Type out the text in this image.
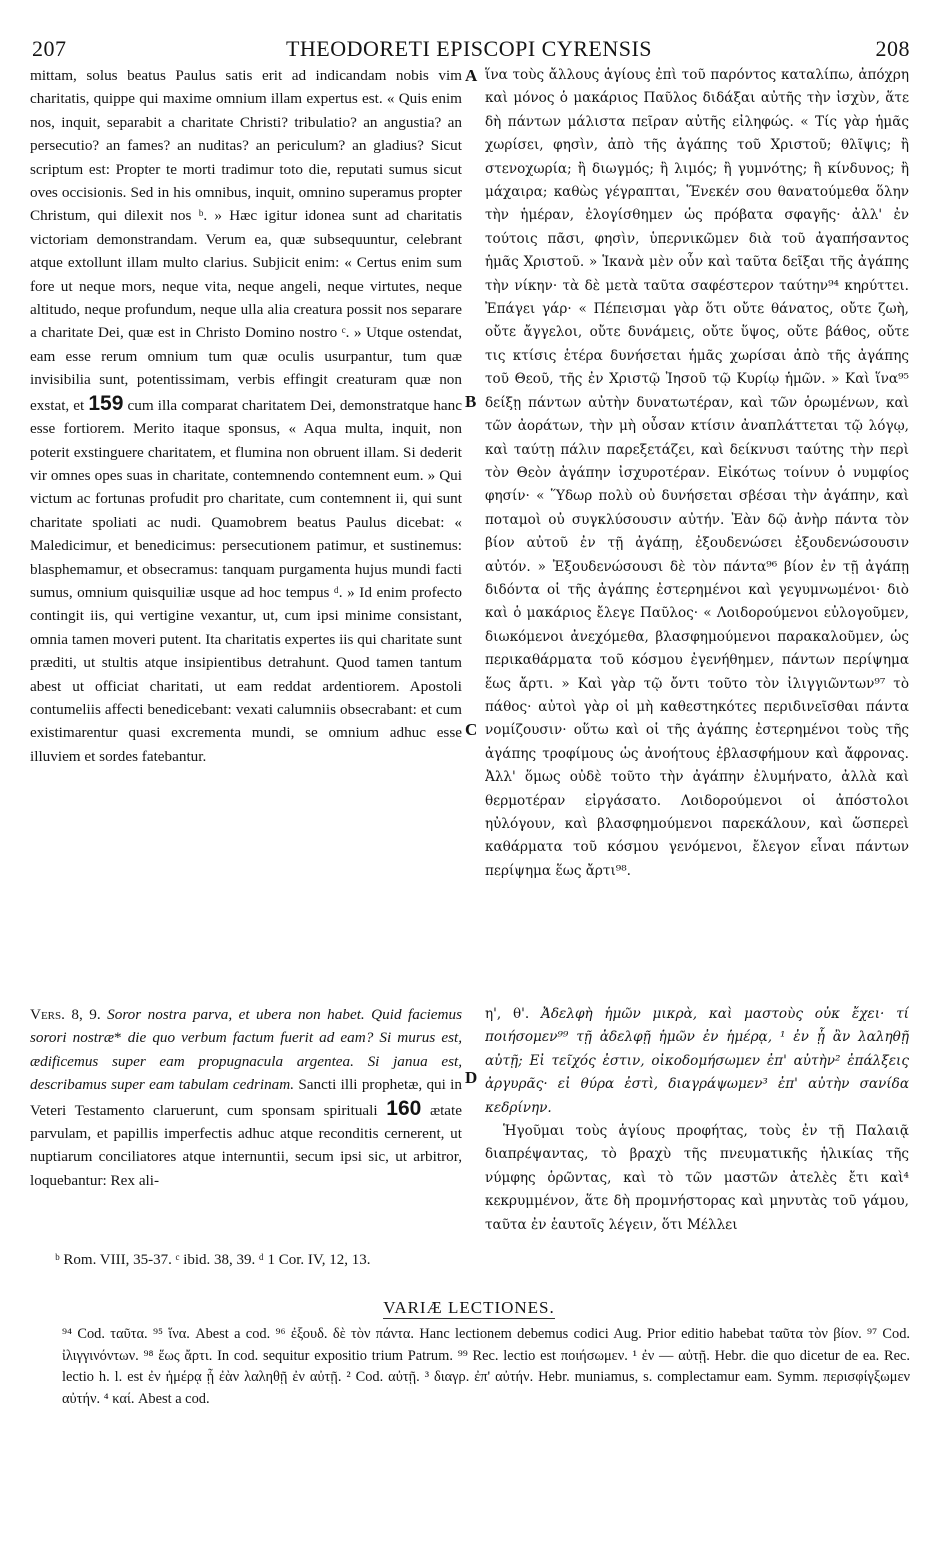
207	THEODORETI EPISCOPI CYRENSIS	208
A
B
C
D

mittam, solus beatus Paulus satis erit ad indicandam nobis vim charitatis, quippe qui maxime omnium illam expertus est. « Quis enim nos, inquit, separabit a charitate Christi? tribulatio? an angustia? an persecutio? an fames? an nuditas? an periculum? an gladius? Sicut scriptum est: Propter te morti tradimur toto die, reputati sumus sicut oves occisionis. Sed in his omnibus, inquit, omnino superamus propter Christum, qui dilexit nos ᵇ. » Hæc igitur idonea sunt ad charitatis victoriam demonstrandam. Verum ea, quæ subsequuntur, celebrant atque extollunt illam multo clarius. Subjicit enim: « Certus enim sum fore ut neque mors, neque vita, neque angeli, neque virtutes, neque altitudo, neque profundum, neque ulla alia creatura possit nos separare a charitate Dei, quæ est in Christo Domino nostro ᶜ. » Utque ostendat, eam esse rerum omnium tum quæ oculis usurpantur, tum quæ invisibilia sunt, potentissimam, verbis effingit creaturam quæ non exstat, et 159 cum illa comparat charitatem Dei, demonstratque hanc esse fortiorem. Merito itaque sponsus, « Aqua multa, inquit, non poterit exstinguere charitatem, et flumina non obruent illam. Si dederit vir omnes opes suas in charitate, contemnendo contemnent eum. » Qui victum ac fortunas profudit pro charitate, cum contemnent ii, qui sunt charitate spoliati ac nudi. Quamobrem beatus Paulus dicebat: « Maledicimur, et benedicimus: persecutionem patimur, et sustinemus: blasphemamur, et obsecramus: tanquam purgamenta hujus mundi facti sumus, omnium quisquiliæ usque ad hoc tempus ᵈ. » Id enim profecto contingit iis, qui vertigine vexantur, ut, cum ipsi minime consistant, omnia tamen moveri putent. Ita charitatis expertes iis qui charitate sunt præditi, ut stultis atque insipientibus detrahunt. Quod tamen tantum abest ut officiat charitati, ut eam reddat ardentiorem. Apostoli contumeliis affecti benedicebant: vexati calumniis obsecrabant: et cum existimarentur quasi excrementa mundi, se omnium adhuc esse illuviem et sordes fatebantur.

ἵνα τοὺς ἄλλους ἁγίους ἐπὶ τοῦ παρόντος καταλίπω, ἀπόχρη καὶ μόνος ὁ μακάριος Παῦλος διδάξαι αὐτῆς τὴν ἰσχὺν, ἅτε δὴ πάντων μάλιστα πεῖραν αὐτῆς εἰληφώς. « Τίς γὰρ ἡμᾶς χωρίσει, φησὶν, ἀπὸ τῆς ἀγάπης τοῦ Χριστοῦ; θλῖψις; ἢ στενοχωρία; ἢ διωγμός; ἢ λιμός; ἢ γυμνότης; ἢ κίνδυνος; ἢ μάχαιρα; καθὼς γέγραπται, Ἕνεκέν σου θανατούμεθα ὅλην τὴν ἡμέραν, ἐλογίσθημεν ὡς πρόβατα σφαγῆς· ἀλλ' ἐν τούτοις πᾶσι, φησὶν, ὑπερνικῶμεν διὰ τοῦ ἀγαπήσαντος ἡμᾶς Χριστοῦ. » Ἱκανὰ μὲν οὖν καὶ ταῦτα δεῖξαι τῆς ἀγάπης τὴν νίκην· τὰ δὲ μετὰ ταῦτα σαφέστερον ταύτην⁹⁴ κηρύττει. Ἐπάγει γάρ· « Πέπεισμαι γὰρ ὅτι οὔτε θάνατος, οὔτε ζωὴ, οὔτε ἄγγελοι, οὔτε δυνάμεις, οὔτε ὕψος, οὔτε βάθος, οὔτε τις κτίσις ἑτέρα δυνήσεται ἡμᾶς χωρίσαι ἀπὸ τῆς ἀγάπης τοῦ Θεοῦ, τῆς ἐν Χριστῷ Ἰησοῦ τῷ Κυρίῳ ἡμῶν. » Καὶ ἵνα⁹⁵ δείξῃ πάντων αὐτὴν δυνατωτέραν, καὶ τῶν ὁρωμένων, καὶ τῶν ἀοράτων, τὴν μὴ οὖσαν κτίσιν ἀναπλάττεται τῷ λόγῳ, καὶ ταύτῃ πάλιν παρεξετάζει, καὶ δείκνυσι ταύτης τὴν περὶ τὸν Θεὸν ἀγάπην ἰσχυροτέραν. Εἰκότως τοίνυν ὁ νυμφίος φησίν· « Ὕδωρ πολὺ οὐ δυνήσεται σβέσαι τὴν ἀγάπην, καὶ ποταμοὶ οὐ συγκλύσουσιν αὐτήν. Ἐὰν δῷ ἀνὴρ πάντα τὸν βίον αὐτοῦ ἐν τῇ ἀγάπῃ, ἐξουδενώσει ἐξουδενώσουσιν αὐτόν. » Ἐξουδενώσουσι δὲ τὸν πάντα⁹⁶ βίον ἐν τῇ ἀγάπῃ διδόντα οἱ τῆς ἀγάπης ἐστερημένοι καὶ γεγυμνωμένοι· διὸ καὶ ὁ μακάριος ἔλεγε Παῦλος· « Λοιδορούμενοι εὐλογοῦμεν, διωκόμενοι ἀνεχόμεθα, βλασφημούμενοι παρακαλοῦμεν, ὡς περικαθάρματα τοῦ κόσμου ἐγενήθημεν, πάντων περίψημα ἕως ἄρτι. » Καὶ γὰρ τῷ ὄντι τοῦτο τὸν ἰλιγγιῶντων⁹⁷ τὸ πάθος· αὐτοὶ γὰρ οἱ μὴ καθεστηκότες περιδινεῖσθαι πάντα νομίζουσιν· οὕτω καὶ οἱ τῆς ἀγάπης ἐστερημένοι τοὺς τῆς ἀγάπης τροφίμους ὡς ἀνοήτους ἐβλασφήμουν καὶ ἄφρονας. Ἀλλ' ὅμως οὐδὲ τοῦτο τὴν ἀγάπην ἐλυμήνατο, ἀλλὰ καὶ θερμοτέραν εἰργάσατο. Λοιδορούμενοι οἱ ἀπόστολοι ηὐλόγουν, καὶ βλασφημούμενοι παρεκάλουν, καὶ ὥσπερεὶ καθάρματα τοῦ κόσμου γενόμενοι, ἔλεγον εἶναι πάντων περίψημα ἕως ἄρτι⁹⁸.

Vers. 8, 9. Soror nostra parva, et ubera non habet. Quid faciemus sorori nostræ* die quo verbum factum fuerit ad eam? Si murus est, ædificemus super eam propugnacula argentea. Si janua est, describamus super eam tabulam cedrinam. Sancti illi prophetæ, qui in Veteri Testamento claruerunt, cum sponsam spirituali 160 ætate parvulam, et papillis imperfectis adhuc atque reconditis cernerent, ut nuptiarum conciliatores atque internuntii, secum ipsi sic, ut arbitror, loquebantur: Rex ali-

η', θ'. Ἀδελφὴ ἡμῶν μικρὰ, καὶ μαστοὺς οὐκ ἔχει· τί ποιήσομεν⁹⁹ τῇ ἀδελφῇ ἡμῶν ἐν ἡμέρᾳ, ¹ ἐν ᾗ ἂν λαληθῇ αὐτῇ; Εἰ τεῖχός ἐστιν, οἰκοδομήσωμεν ἐπ' αὐτὴν² ἐπάλξεις ἀργυρᾶς· εἰ θύρα ἐστὶ, διαγράψωμεν³ ἐπ' αὐτὴν σανίδα κεδρίνην.

Ἡγοῦμαι τοὺς ἁγίους προφήτας, τοὺς ἐν τῇ Παλαιᾷ διαπρέψαντας, τὸ βραχὺ τῆς πνευματικῆς ἡλικίας τῆς νύμφης ὁρῶντας, καὶ τὸ τῶν μαστῶν ἀτελὲς ἔτι καὶ⁴ κεκρυμμένον, ἅτε δὴ προμνήστορας καὶ μηνυτὰς τοῦ γάμου, ταῦτα ἐν ἑαυτοῖς λέγειν, ὅτι Μέλλει

ᵇ Rom. VIII, 35-37. ᶜ ibid. 38, 39. ᵈ 1 Cor. IV, 12, 13.
VARIÆ LECTIONES.

⁹⁴ Cod. ταῦτα. ⁹⁵ ἵνα. Abest a cod. ⁹⁶ ἐξουδ. δὲ τὸν πάντα. Hanc lectionem debemus codici Aug. Prior editio habebat ταῦτα τὸν βίον. ⁹⁷ Cod. ἰλιγγινόντων. ⁹⁸ ἕως ἄρτι. In cod. sequitur expositio trium Patrum. ⁹⁹ Rec. lectio est ποιήσωμεν. ¹ ἐν — αὐτῇ. Hebr. die quo dicetur de ea. Rec. lectio h. l. est ἐν ἡμέρᾳ ᾗ ἐὰν λαληθῇ ἐν αὐτῇ. ² Cod. αὐτῇ. ³ διαγρ. ἐπ' αὐτήν. Hebr. muniamus, s. complectamur eam. Symm. περισφίγξωμεν αὐτήν. ⁴ καί. Abest a cod.
